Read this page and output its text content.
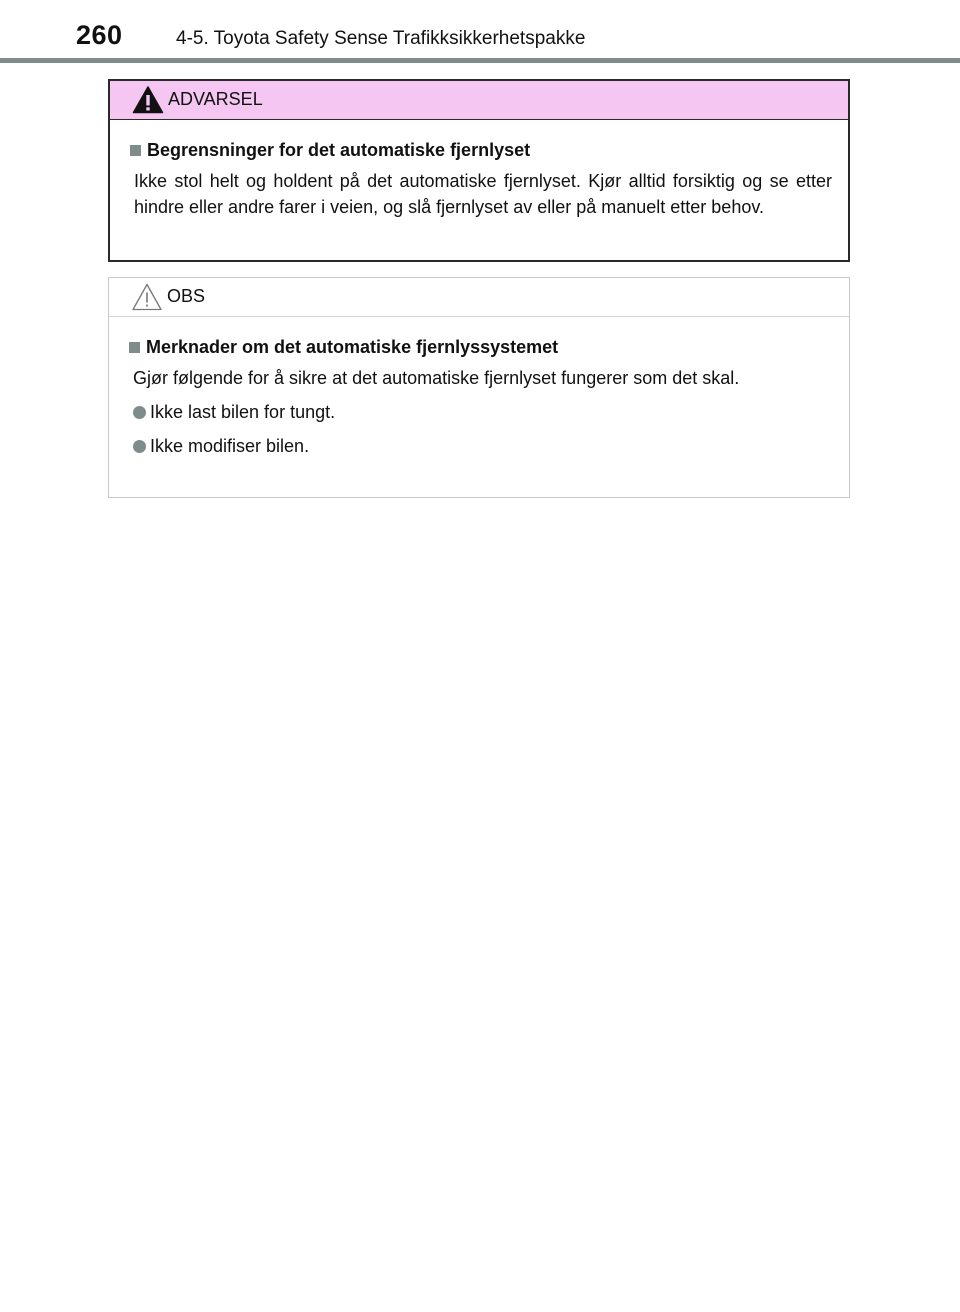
260	4-5. Toyota Safety Sense Trafikksikkerhetspakke
ADVARSEL
Begrensninger for det automatiske fjernlyset
Ikke stol helt og holdent på det automatiske fjernlyset. Kjør alltid forsiktig og se etter hindre eller andre farer i veien, og slå fjernlyset av eller på manuelt etter behov.
OBS
Merknader om det automatiske fjernlyssystemet
Gjør følgende for å sikre at det automatiske fjernlyset fungerer som det skal.
Ikke last bilen for tungt.
Ikke modifiser bilen.
